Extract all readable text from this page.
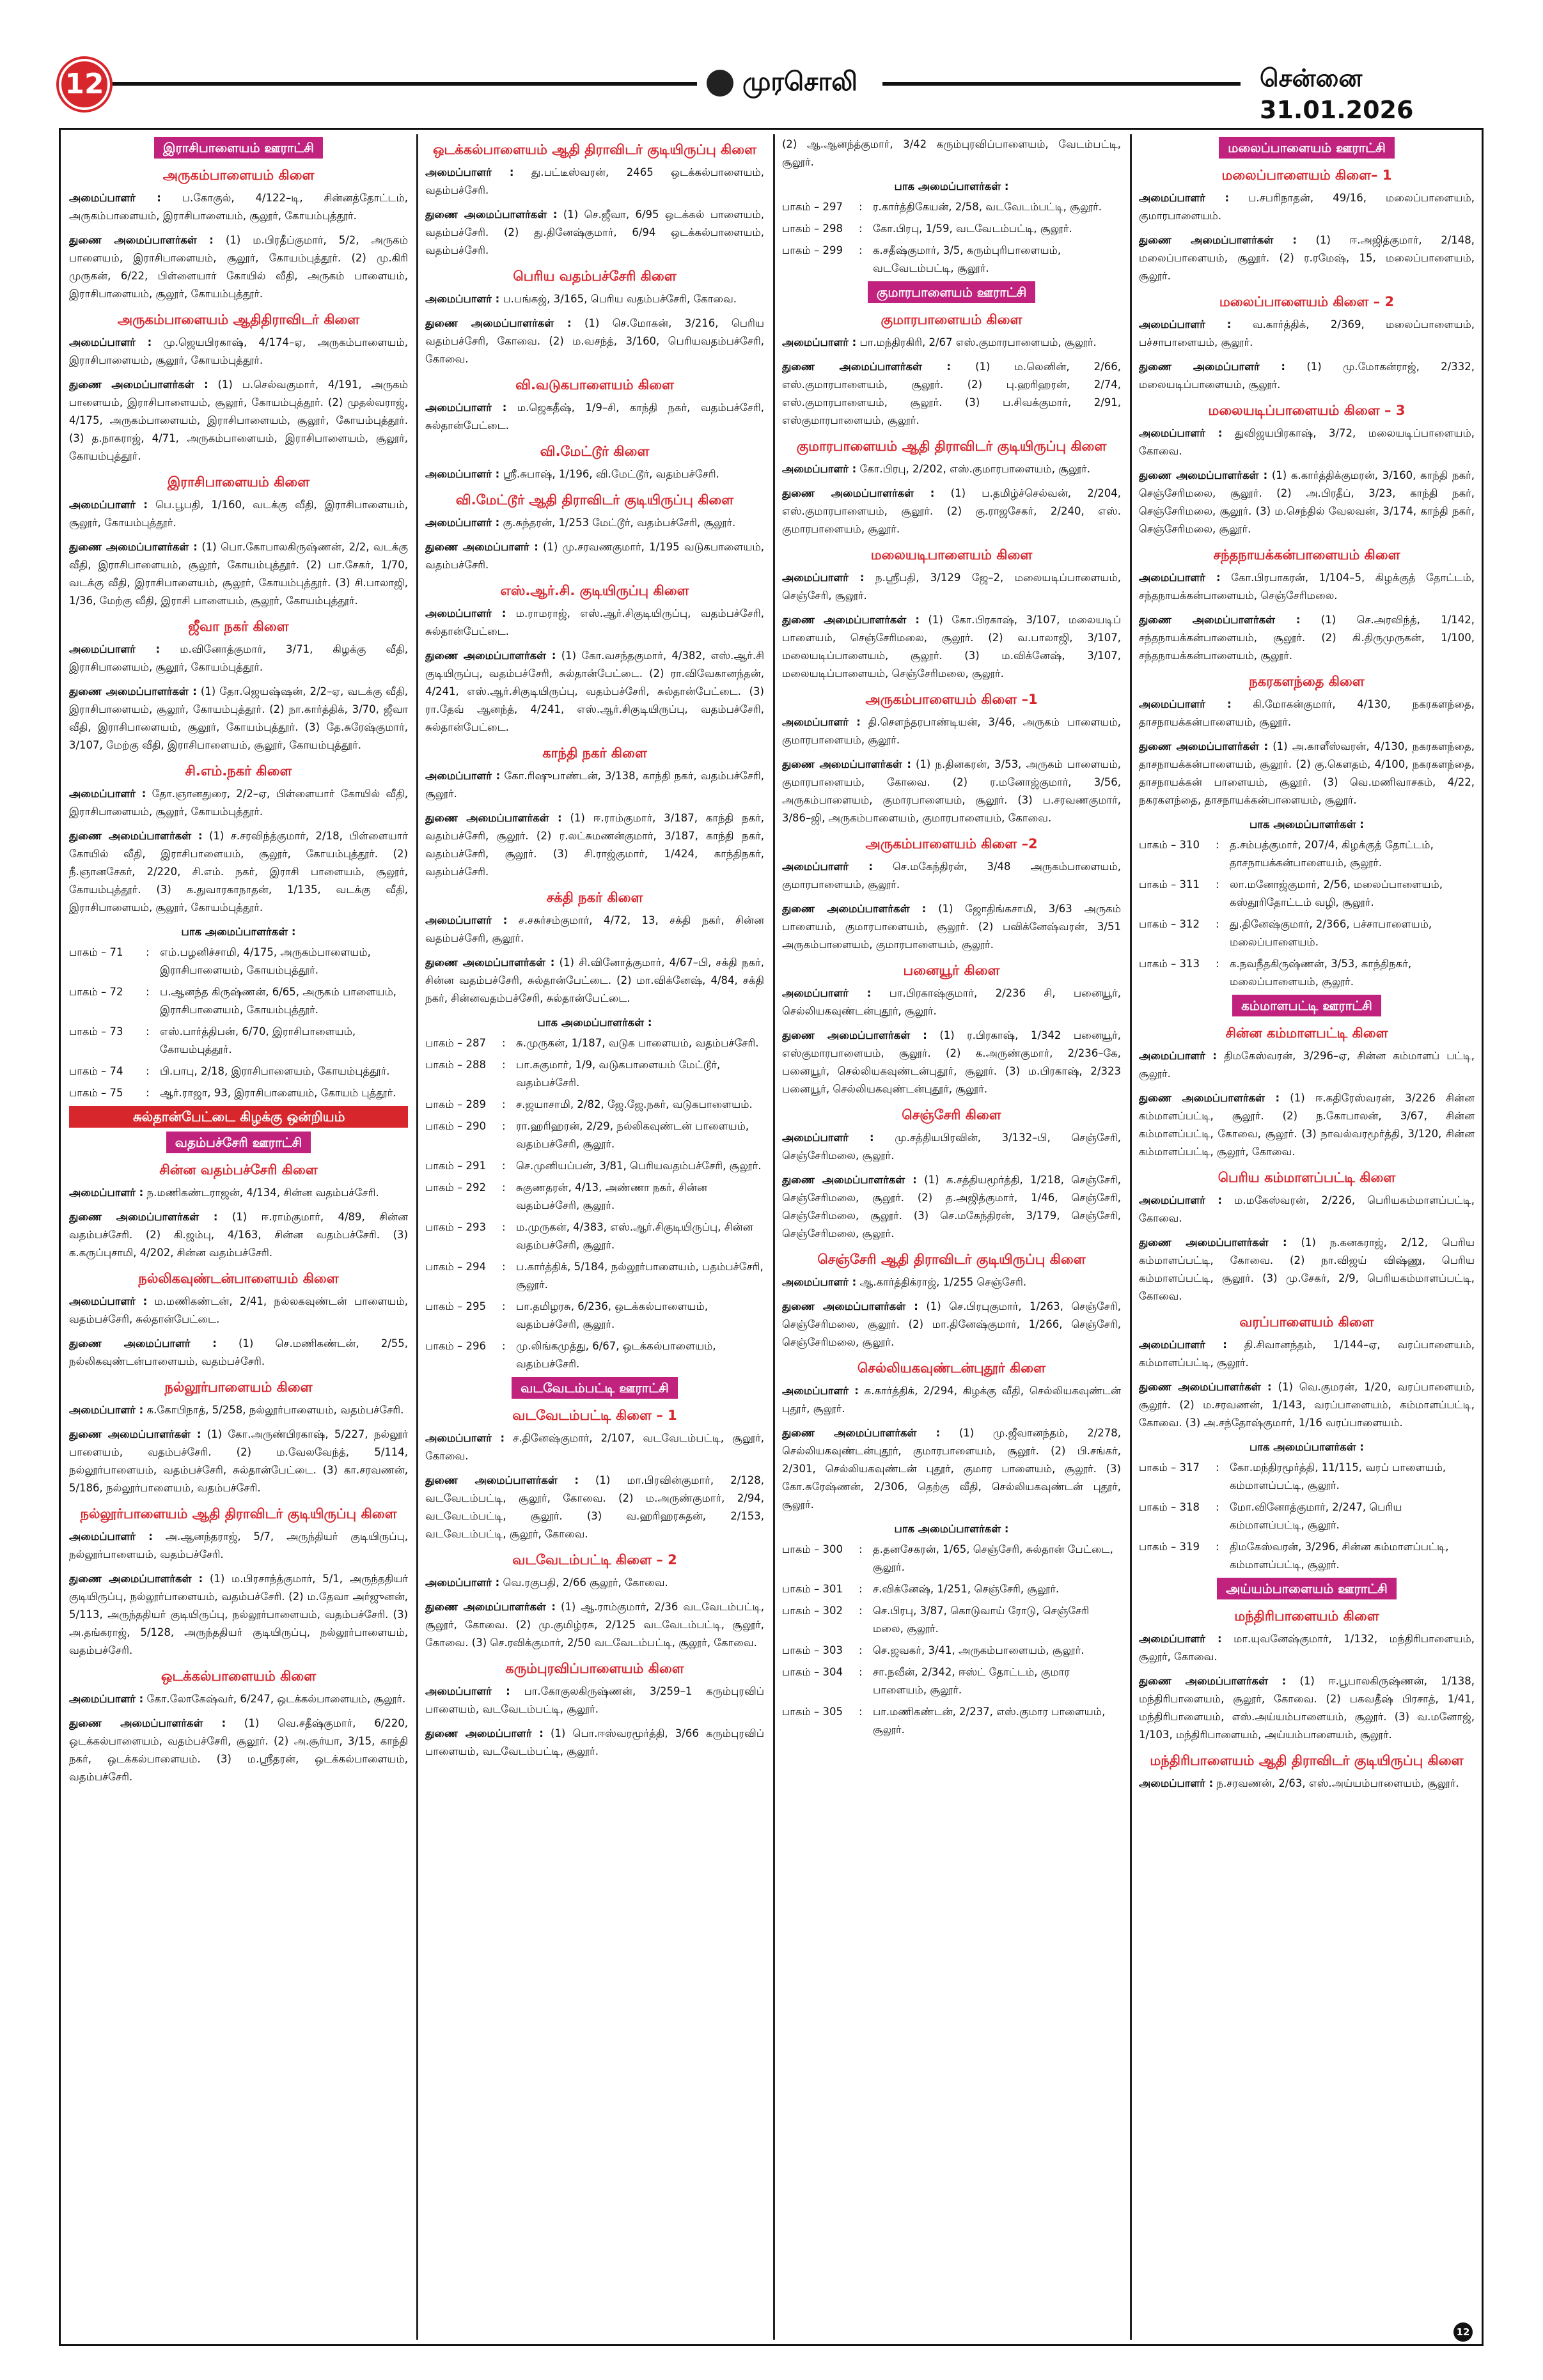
12	முரசொலி	சென்னை   31.01.2026
இராசிபாளையம் ஊராட்சி
அருகம்பாளையம் கிளை
அமைப்பாளர் : ப.கோகுல், 4/122–டி, சின்னத்தோட்டம், அருகம்பாளையம், இராசிபாளையம், சூலூர், கோயம்புத்தூர்.
துணை அமைப்பாளர்கள் : (1) ம.பிரதீப்குமார், 5/2, அருகம் பாளையம், இராசிபாளையம், சூலூர், கோயம்புத்தூர். (2) மு.கிரி முருகன், 6/22, பிள்ளையார் கோயில் வீதி, அருகம் பாளையம், இராசிபாளையம், சூலூர், கோயம்புத்தூர்.
அருகம்பாளையம் ஆதிதிராவிடர் கிளை
அமைப்பாளர் : மு.ஜெயபிரகாஷ், 4/174–ஏ, அருகம்பாளையம், இராசிபாளையம், சூலூர், கோயம்புத்தூர்.
துணை அமைப்பாளர்கள் : (1) ப.செல்வகுமார், 4/191, அருகம் பாளையம், இராசிபாளையம், சூலூர், கோயம்புத்தூர். (2) முதல்வராஜ், 4/175, அருகம்பாளையம், இராசிபாளையம், சூலூர், கோயம்புத்தூர். (3) த.நாகராஜ், 4/71, அருகம்பாளையம், இராசிபாளையம், சூலூர், கோயம்புத்தூர்.
இராசிபாளையம் கிளை
அமைப்பாளர் : பெ.பூபதி, 1/160, வடக்கு வீதி, இராசிபாளையம், சூலூர், கோயம்புத்தூர்.
துணை அமைப்பாளர்கள் : (1) பொ.கோபாலகிருஷ்ணன், 2/2, வடக்கு வீதி, இராசிபாளையம், சூலூர், கோயம்புத்தூர். (2) பா.சேகர், 1/70, வடக்கு வீதி, இராசிபாளையம், சூலூர், கோயம்புத்தூர். (3) சி.பாலாஜி, 1/36, மேற்கு வீதி, இராசி பாளையம், சூலூர், கோயம்புத்தூர்.
ஜீவா நகர் கிளை
அமைப்பாளர் : ம.வினோத்குமார், 3/71, கிழக்கு வீதி, இராசிபாளையம், சூலூர், கோயம்புத்தூர்.
துணை அமைப்பாளர்கள் : (1) தோ.ஜெயஷ்ஷன், 2/2–ஏ, வடக்கு வீதி, இராசிபாளையம், சூலூர், கோயம்புத்தூர். (2) நா.கார்த்திக், 3/70, ஜீவா வீதி, இராசிபாளையம், சூலூர், கோயம்புத்தூர். (3) தே.சுரேஷ்குமார், 3/107, மேற்கு வீதி, இராசிபாளையம், சூலூர், கோயம்புத்தூர்.
சி.எம்.நகர் கிளை
அமைப்பாளர் : தோ.ஞானதுரை, 2/2–ஏ, பிள்ளையார் கோயில் வீதி, இராசிபாளையம், சூலூர், கோயம்புத்தூர்.
துணை அமைப்பாளர்கள் : (1) ச.சரவிந்த்குமார், 2/18, பிள்ளையார் கோயில் வீதி, இராசிபாளையம், சூலூர், கோயம்புத்தூர். (2) நீ.ஞானசேகர், 2/220, சி.எம். நகர், இராசி பாளையம், சூலூர், கோயம்புத்தூர். (3) க.துவாரகாநாதன், 1/135, வடக்கு வீதி, இராசிபாளையம், சூலூர், கோயம்புத்தூர்.
பாக அமைப்பாளர்கள் :
பாகம் – 71	: எம்.பழனிச்சாமி, 4/175, அருகம்பாளையம், இராசிபாளையம், கோயம்புத்தூர்.
பாகம் – 72	: ப.ஆனந்த கிருஷ்ணன், 6/65, அருகம் பாளையம், இராசிபாளையம், கோயம்புத்தூர்.
பாகம் – 73	: எஸ்.பார்த்திபன், 6/70, இராசிபாளையம், கோயம்புத்தூர்.
பாகம் – 74	: பி.பாபு, 2/18, இராசிபாளையம், கோயம்புத்தூர்.
பாகம் – 75	: ஆர்.ராஜா, 93, இராசிபாளையம், கோயம் புத்தூர்.
சுல்தான்பேட்டை கிழக்கு ஒன்றியம்
வதம்பச்சேரி ஊராட்சி
சின்ன வதம்பச்சேரி கிளை
அமைப்பாளர் : ந.மணிகண்டராஜன், 4/134, சின்ன வதம்பச்சேரி.
துணை அமைப்பாளர்கள் : (1) ஈ.ராம்குமார், 4/89, சின்ன வதம்பச்சேரி. (2) கி.ஜம்பு, 4/163, சின்ன வதம்பச்சேரி. (3) க.கருப்புசாமி, 4/202, சின்ன வதம்பச்சேரி.
நல்லிகவுண்டன்பாளையம் கிளை
அமைப்பாளர் : ம.மணிகண்டன், 2/41, நல்லகவுண்டன் பாளையம், வதம்பச்சேரி, சுல்தான்பேட்டை.
துணை அமைப்பாளர் : (1) செ.மணிகண்டன், 2/55, நல்லிகவுண்டன்பாளையம், வதம்பச்சேரி.
நல்லூர்பாளையம் கிளை
அமைப்பாளர் : க.கோபிநாத், 5/258, நல்லூர்பாளையம், வதம்பச்சேரி.
துணை அமைப்பாளர்கள் : (1) கோ.அருண்பிரகாஷ், 5/227, நல்லூர் பாளையம், வதம்பச்சேரி. (2) ம.வேலவேந்த், 5/114, நல்லூர்பாளையம், வதம்பச்சேரி, சுல்தான்பேட்டை. (3) கா.சரவணன், 5/186, நல்லூர்பாளையம், வதம்பச்சேரி.
நல்லூர்பாளையம் ஆதி திராவிடர் குடியிருப்பு கிளை
அமைப்பாளர் : அ.ஆனந்தராஜ், 5/7, அருந்தியர் குடியிருப்பு, நல்லூர்பாளையம், வதம்பச்சேரி.
துணை அமைப்பாளர்கள் : (1) ம.பிரசாந்த்குமார், 5/1, அருந்ததியர் குடியிருப்பு, நல்லூர்பாளையம், வதம்பச்சேரி. (2) ம.தேவா அர்ஜுனன், 5/113, அருந்ததியர் குடியிருப்பு, நல்லூர்பாளையம், வதம்பச்சேரி. (3) அ.தங்கராஜ், 5/128, அருந்ததியர் குடியிருப்பு, நல்லூர்பாளையம், வதம்பச்சேரி.
ஒடக்கல்பாளையம் கிளை
அமைப்பாளர் : கோ.லோகேஷ்வர், 6/247, ஒடக்கல்பாளையம், சூலூர்.
துணை அமைப்பாளர்கள் : (1) வெ.சதீஷ்குமார், 6/220, ஒடக்கல்பாளையம், வதம்பச்சேரி, சூலூர். (2) அ.சூர்யா, 3/15, காந்தி நகர், ஒடக்கல்பாளையம். (3) ம.ஸ்ரீதரன், ஒடக்கல்பாளையம், வதம்பச்சேரி.
ஒடக்கல்பாளையம் ஆதி திராவிடர் குடியிருப்பு கிளை
அமைப்பாளர் : து.பட்டீஸ்வரன், 2465 ஒடக்கல்பாளையம், வதம்பச்சேரி.
துணை அமைப்பாளர்கள் : (1) செ.ஜீவா, 6/95 ஒடக்கல் பாளையம், வதம்பச்சேரி. (2) து.தினேஷ்குமார், 6/94 ஒடக்கல்பாளையம், வதம்பச்சேரி.
பெரிய வதம்பச்சேரி கிளை
அமைப்பாளர் : ப.பங்கஜ், 3/165, பெரிய வதம்பச்சேரி, கோவை.
துணை அமைப்பாளர்கள் : (1) செ.மோகன், 3/216, பெரிய வதம்பச்சேரி, கோவை. (2) ம.வசந்த், 3/160, பெரியவதம்பச்சேரி, கோவை.
வி.வடுகபாளையம் கிளை
அமைப்பாளர் : ம.ஜெகதீஷ், 1/9–சி, காந்தி நகர், வதம்பச்சேரி, சுல்தான்பேட்டை.
வி.மேட்டூர் கிளை
அமைப்பாளர் : ஸ்ரீ.சுபாஷ், 1/196, வி.மேட்டூர், வதம்பச்சேரி.
வி.மேட்டூர் ஆதி திராவிடர் குடியிருப்பு கிளை
அமைப்பாளர் : கு.சுந்தரன், 1/253 மேட்டூர், வதம்பச்சேரி, சூலூர்.
துணை அமைப்பாளர் : (1) மு.சரவணகுமார், 1/195 வடுகபாளையம், வதம்பச்சேரி.
எஸ்.ஆர்.சி. குடியிருப்பு கிளை
அமைப்பாளர் : ம.ராமராஜ், எஸ்.ஆர்.சிகுடியிருப்பு, வதம்பச்சேரி, சுல்தான்பேட்டை.
துணை அமைப்பாளர்கள் : (1) கோ.வசந்தகுமார், 4/382, எஸ்.ஆர்.சி குடியிருப்பு, வதம்பச்சேரி, சுல்தான்பேட்டை. (2) ரா.விவேகானந்தன், 4/241, எஸ்.ஆர்.சிகுடியிருப்பு, வதம்பச்சேரி, சுல்தான்பேட்டை. (3) ரா.தேவ் ஆனந்த், 4/241, எஸ்.ஆர்.சிகுடியிருப்பு, வதம்பச்சேரி, சுல்தான்பேட்டை.
காந்தி நகர் கிளை
அமைப்பாளர் : கோ.ரிஷுபாண்டன், 3/138, காந்தி நகர், வதம்பச்சேரி, சூலூர்.
துணை அமைப்பாளர்கள் : (1) ஈ.ராம்குமார், 3/187, காந்தி நகர், வதம்பச்சேரி, சூலூர். (2) ர.லட்சுமணன்குமார், 3/187, காந்தி நகர், வதம்பச்சேரி, சூலூர். (3) சி.ராஜ்குமார், 1/424, காந்திநகர், வதம்பச்சேரி.
சக்தி நகர் கிளை
அமைப்பாளர் : ச.சசுர்சம்குமார், 4/72, 13, சக்தி நகர், சின்ன வதம்பச்சேரி, சூலூர்.
துணை அமைப்பாளர்கள் : (1) சி.வினோத்குமார், 4/67–பி, சக்தி நகர், சின்ன வதம்பச்சேரி, சுல்தான்பேட்டை. (2) மா.விக்னேஷ், 4/84, சக்தி நகர், சின்னவதம்பச்சேரி, சுல்தான்பேட்டை.
பாக அமைப்பாளர்கள் :
பாகம் – 287	: சு.முருகன், 1/187, வடுக பாளையம், வதம்பச்சேரி.
பாகம் – 288	: பா.சுகுமார், 1/9, வடுகபாளையம் மேட்டூர், வதம்பச்சேரி.
பாகம் – 289	: ச.ஜயாசாமி, 2/82, ஜே.ஜே.நகர், வடுகபாளையம்.
பாகம் – 290	: ரா.ஹரிஹரன், 2/29, நல்லிகவுண்டன் பாளையம், வதம்பச்சேரி, சூலூர்.
பாகம் – 291	: செ.முனியப்பன், 3/81, பெரியவதம்பச்சேரி, சூலூர்.
பாகம் – 292	: சுகுணதரன், 4/13, அண்ணா நகர், சின்ன வதம்பச்சேரி, சூலூர்.
பாகம் – 293	: ம.முருகன், 4/383, எஸ்.ஆர்.சிகுடியிருப்பு, சின்ன வதம்பச்சேரி, சூலூர்.
பாகம் – 294	: ப.கார்த்திக், 5/184, நல்லூர்பாளையம், பதம்பச்சேரி, சூலூர்.
பாகம் – 295	: பா.தமிழரசு, 6/236, ஒடக்கல்பாளையம், வதம்பச்சேரி, சூலூர்.
பாகம் – 296	: மு.லிங்கமுத்து, 6/67, ஒடக்கல்பாளையம், வதம்பச்சேரி.
வடவேடம்பட்டி ஊராட்சி
வடவேடம்பட்டி கிளை – 1
அமைப்பாளர் : ச.தினேஷ்குமார், 2/107, வடவேடம்பட்டி, சூலூர், கோவை.
துணை அமைப்பாளர்கள் : (1) மா.பிரவின்குமார், 2/128, வடவேடம்பட்டி, சூலூர், கோவை. (2) ம.அருண்குமார், 2/94, வடவேடம்பட்டி, சூலூர். (3) வ.ஹரிஹரசுதன், 2/153, வடவேடம்பட்டி, சூலூர், கோவை.
வடவேடம்பட்டி கிளை – 2
அமைப்பாளர் : வெ.ரகுபதி, 2/66 சூலூர், கோவை.
துணை அமைப்பாளர்கள் : (1) ஆ.ராம்குமார், 2/36 வடவேடம்பட்டி, சூலூர், கோவை. (2) மு.குமிழ்ரசு, 2/125 வடவேடம்பட்டி, சூலூர், கோவை. (3) செ.ரவிக்குமார், 2/50 வடவேடம்பட்டி, சூலூர், கோவை.
கரும்புரவிப்பாளையம் கிளை
அமைப்பாளர் : பா.கோகுலகிருஷ்ணன், 3/259–1 கரும்புரவிப் பாளையம், வடவேடம்பட்டி, சூலூர்.
துணை அமைப்பாளர் : (1) பொ.ஈஸ்வரமூர்த்தி, 3/66 கரும்புரவிப் பாளையம், வடவேடம்பட்டி, சூலூர்.
(2) ஆ.ஆனந்த்குமார், 3/42 கரும்புரவிப்பாளையம், வேடம்பட்டி, சூலூர்.
பாக அமைப்பாளர்கள் :
பாகம் – 297	: ர.கார்த்திகேயன், 2/58, வடவேடம்பட்டி, சூலூர்.
பாகம் – 298	: கோ.பிரபு, 1/59, வடவேடம்பட்டி, சூலூர்.
பாகம் – 299	: க.சதீஷ்குமார், 3/5, கரும்புரிபாளையம், வடவேடம்பட்டி, சூலூர்.
குமாரபாளையம் ஊராட்சி
குமாரபாளையம் கிளை
அமைப்பாளர் : பா.மந்திரகிரி, 2/67 எஸ்.குமாரபாளையம், சூலூர்.
துணை அமைப்பாளர்கள் : (1) ம.லெனின், 2/66, எஸ்.குமாரபாளையம், சூலூர். (2) பு.ஹரிஹரன், 2/74, எஸ்.குமாரபாளையம், சூலூர். (3) ப.சிவக்குமார், 2/91, எஸ்குமாரபாளையம், சூலூர்.
குமாரபாளையம் ஆதி திராவிடர் குடியிருப்பு கிளை
அமைப்பாளர் : கோ.பிரபு, 2/202, எஸ்.குமாரபாளையம், சூலூர்.
துணை அமைப்பாளர்கள் : (1) ப.தமிழ்ச்செல்வன், 2/204, எஸ்.குமாரபாளையம், சூலூர். (2) கு.ராஜசேகர், 2/240, எஸ். குமாரபாளையம், சூலூர்.
மலையடிபாளையம் கிளை
அமைப்பாளர் : ந.ஸ்ரீபதி, 3/129 ஜே–2, மலையடிப்பாளையம், செஞ்சேரி, சூலூர்.
துணை அமைப்பாளர்கள் : (1) கோ.பிரகாஷ், 3/107, மலையடிப் பாளையம், செஞ்சேரிமலை, சூலூர். (2) வ.பாலாஜி, 3/107, மலையடிப்பாளையம், சூலூர். (3) ம.விக்னேஷ், 3/107, மலையடிப்பாளையம், செஞ்சேரிமலை, சூலூர்.
அருகம்பாளையம் கிளை –1
அமைப்பாளர் : தி.சௌந்தரபாண்டியன், 3/46, அருகம் பாளையம், குமாரபாளையம், சூலூர்.
துணை அமைப்பாளர்கள் : (1) ந.தினகரன், 3/53, அருகம் பாளையம், குமாரபாளையம், கோவை. (2) ர.மனோஜ்குமார், 3/56, அருகம்பாளையம், குமாரபாளையம், சூலூர். (3) ப.சரவணகுமார், 3/86–ஜி, அருகம்பாளையம், குமாரபாளையம், கோவை.
அருகம்பாளையம் கிளை –2
அமைப்பாளர் : செ.மகேந்திரன், 3/48 அருகம்பாளையம், குமாரபாளையம், சூலூர்.
துணை அமைப்பாளர்கள் : (1) ஜோதிங்கசாமி, 3/63 அருகம் பாளையம், குமாரபாளையம், சூலூர். (2) பவிக்னேஷ்வரன், 3/51 அருகம்பாளையம், குமாரபாளையம், சூலூர்.
பனையூர் கிளை
அமைப்பாளர் : பா.பிரகாஷ்குமார், 2/236 சி, பனையூர், செல்லியகவுண்டன்புதூர், சூலூர்.
துணை அமைப்பாளர்கள் : (1) ர.பிரகாஷ், 1/342 பனையூர், எஸ்குமாரபாளையம், சூலூர். (2) க.அருண்குமார், 2/236–கே, பனையூர், செல்லியகவுண்டன்புதூர், சூலூர். (3) ம.பிரகாஷ், 2/323 பனையூர், செல்லியகவுண்டன்புதூர், சூலூர்.
செஞ்சேரி கிளை
அமைப்பாளர் : மு.சத்தியபிரவின், 3/132–பி, செஞ்சேரி, செஞ்சேரிமலை, சூலூர்.
துணை அமைப்பாளர்கள் : (1) க.சத்தியமூர்த்தி, 1/218, செஞ்சேரி, செஞ்சேரிமலை, சூலூர். (2) த.அஜித்குமார், 1/46, செஞ்சேரி, செஞ்சேரிமலை, சூலூர். (3) செ.மகேந்திரன், 3/179, செஞ்சேரி, செஞ்சேரிமலை, சூலூர்.
செஞ்சேரி ஆதி திராவிடர் குடியிருப்பு கிளை
அமைப்பாளர் : ஆ.கார்த்திக்ராஜ், 1/255 செஞ்சேரி.
துணை அமைப்பாளர்கள் : (1) செ.பிரபுகுமார், 1/263, செஞ்சேரி, செஞ்சேரிமலை, சூலூர். (2) மா.தினேஷ்குமார், 1/266, செஞ்சேரி, செஞ்சேரிமலை, சூலூர்.
செல்லியகவுண்டன்புதூர் கிளை
அமைப்பாளர் : க.கார்த்திக், 2/294, கிழக்கு வீதி, செல்லியகவுண்டன் புதூர், சூலூர்.
துணை அமைப்பாளர்கள் : (1) மு.ஜீவானந்தம், 2/278, செல்லியகவுண்டன்புதூர், குமாரபாளையம், சூலூர். (2) பி.சங்கர், 2/301, செல்லியகவுண்டன் புதூர், குமார பாளையம், சூலூர். (3) கோ.சுரேஷ்ணன், 2/306, தெற்கு வீதி, செல்லியகவுண்டன் புதூர், சூலூர்.
பாக அமைப்பாளர்கள் :
பாகம் – 300	: த.தனசேகரன், 1/65, செஞ்சேரி, சுல்தான் பேட்டை, சூலூர்.
பாகம் – 301	: ச.விக்னேஷ், 1/251, செஞ்சேரி, சூலூர்.
பாகம் – 302	: செ.பிரபு, 3/87, கொடுவாய் ரோடு, செஞ்சேரி மலை, சூலூர்.
பாகம் – 303	: செ.ஜவகர், 3/41, அருகம்பாளையம், சூலூர்.
பாகம் – 304	: சா.நவீன், 2/342, ஈஸ்ட் தோட்டம், குமார பாளையம், சூலூர்.
பாகம் – 305	: பா.மணிகண்டன், 2/237, எஸ்.குமார பாளையம், சூலூர்.
மலைப்பாளையம் ஊராட்சி
மலைப்பாளையம் கிளை– 1
அமைப்பாளர் : ப.சபரிநாதன், 49/16, மலைப்பாளையம், குமாரபாளையம்.
துணை அமைப்பாளர்கள் : (1) ஈ.அஜித்குமார், 2/148, மலைப்பாளையம், சூலூர். (2) ர.ரமேஷ், 15, மலைப்பாளையம், சூலூர்.
மலைப்பாளையம் கிளை – 2
அமைப்பாளர் : வ.கார்த்திக், 2/369, மலைப்பாளையம், பச்சாபாளையம், சூலூர்.
துணை அமைப்பாளர் : (1) மு.மோகன்ராஜ், 2/332, மலையடிப்பாளையம், சூலூர்.
மலையடிப்பாளையம் கிளை – 3
அமைப்பாளர் : துவிஜயபிரகாஷ், 3/72, மலையடிப்பாளையம், கோவை.
துணை அமைப்பாளர்கள் : (1) க.கார்த்திக்குமரன், 3/160, காந்தி நகர், செஞ்சேரிமலை, சூலூர். (2) அ.பிரதீப், 3/23, காந்தி நகர், செஞ்சேரிமலை, சூலூர். (3) ம.செந்தில் வேலவன், 3/174, காந்தி நகர், செஞ்சேரிமலை, சூலூர்.
சந்தநாயக்கன்பாளையம் கிளை
அமைப்பாளர் : கோ.பிரபாகரன், 1/104–5, கிழக்குத் தோட்டம், சந்தநாயக்கன்பாளையம், செஞ்சேரிமலை.
துணை அமைப்பாளர்கள் : (1) செ.அரவிந்த், 1/142, சந்தநாயக்கன்பாளையம், சூலூர். (2) கி.திருமுருகன், 1/100, சந்தநாயக்கன்பாளையம், சூலூர்.
நகரகளந்தை கிளை
அமைப்பாளர் : கி.மோகன்குமார், 4/130, நகரகளந்தை, தாசநாயக்கன்பாளையம், சூலூர்.
துணை அமைப்பாளர்கள் : (1) அ.காளீஸ்வரன், 4/130, நகரகளந்தை, தாசநாயக்கன்பாளையம், சூலூர். (2) கு.கௌதம், 4/100, நகரகளந்தை, தாசநாயக்கன் பாளையம், சூலூர். (3) வெ.மணிவாசகம், 4/22, நகரகளந்தை, தாசநாயக்கன்பாளையம், சூலூர்.
பாக அமைப்பாளர்கள் :
பாகம் – 310	: த.சம்பத்குமார், 207/4, கிழக்குத் தோட்டம், தாசநாயக்கன்பாளையம், சூலூர்.
பாகம் – 311	: லா.மனோஜ்குமார், 2/56, மலைப்பாளையம், கஸ்தூரிதோட்டம் வழி, சூலூர்.
பாகம் – 312	: து.தினேஷ்குமார், 2/366, பச்சாபாளையம், மலைப்பாளையம்.
பாகம் – 313	: க.நவநீதகிருஷ்ணன், 3/53, காந்திநகர், மலைப்பாளையம், சூலூர்.
கம்மாளபட்டி ஊராட்சி
சின்ன கம்மாளபட்டி கிளை
அமைப்பாளர் : திமகேஸ்வரன், 3/296–ஏ, சின்ன கம்மாளப் பட்டி, சூலூர்.
துணை அமைப்பாளர்கள் : (1) ஈ.கதிரேஸ்வரன், 3/226 சின்ன கம்மாளப்பட்டி, சூலூர். (2) ந.கோபாலன், 3/67, சின்ன கம்மாளப்பட்டி, கோவை, சூலூர். (3) நாவல்வரமூர்த்தி, 3/120, சின்ன கம்மாளப்பட்டி, சூலூர், கோவை.
பெரிய கம்மாளப்பட்டி கிளை
அமைப்பாளர் : ம.மகேஸ்வரன், 2/226, பெரியகம்மாளப்பட்டி, கோவை.
துணை அமைப்பாளர்கள் : (1) ந.கனகராஜ், 2/12, பெரிய கம்மாளப்பட்டி, கோவை. (2) நா.விஜய் விஷ்ணு, பெரிய கம்மாளப்பட்டி, சூலூர். (3) மு.சேகர், 2/9, பெரியகம்மாளப்பட்டி, கோவை.
வரப்பாளையம் கிளை
அமைப்பாளர் : தி.சிவானந்தம், 1/144–ஏ, வரப்பாளையம், கம்மாளப்பட்டி, சூலூர்.
துணை அமைப்பாளர்கள் : (1) வெ.குமரன், 1/20, வரப்பாளையம், சூலூர். (2) ம.சரவணன், 1/143, வரப்பாளையம், கம்மாளப்பட்டி, கோவை. (3) அ.சந்தோஷ்குமார், 1/16 வரப்பாளையம்.
பாக அமைப்பாளர்கள் :
பாகம் – 317	: கோ.மந்திரமூர்த்தி, 11/115, வரப் பாளையம், கம்மாளப்பட்டி, சூலூர்.
பாகம் – 318	: மோ.வினோத்குமார், 2/247, பெரிய கம்மாளப்பட்டி, சூலூர்.
பாகம் – 319	: திமகேஸ்வரன், 3/296, சின்ன கம்மாளப்பட்டி, கம்மாளப்பட்டி, சூலூர்.
அய்யம்பாளையம் ஊராட்சி
மந்திரிபாளையம் கிளை
அமைப்பாளர் : மா.யுவனேஷ்குமார், 1/132, மந்திரிபாளையம், சூலூர், கோவை.
துணை அமைப்பாளர்கள் : (1) ஈ.பூபாலகிருஷ்ணன், 1/138, மந்திரிபாளையம், சூலூர், கோவை. (2) பகவதீஷ் பிரசாத், 1/41, மந்திரிபாளையம், எஸ்.அய்யம்பாளையம், சூலூர். (3) வ.மனோஜ், 1/103, மந்திரிபாளையம், அய்யம்பாளையம், சூலூர்.
மந்திரிபாளையம் ஆதி திராவிடர் குடியிருப்பு கிளை
அமைப்பாளர் : ந.சரவணன், 2/63, எஸ்.அய்யம்பாளையம், சூலூர்.
12
